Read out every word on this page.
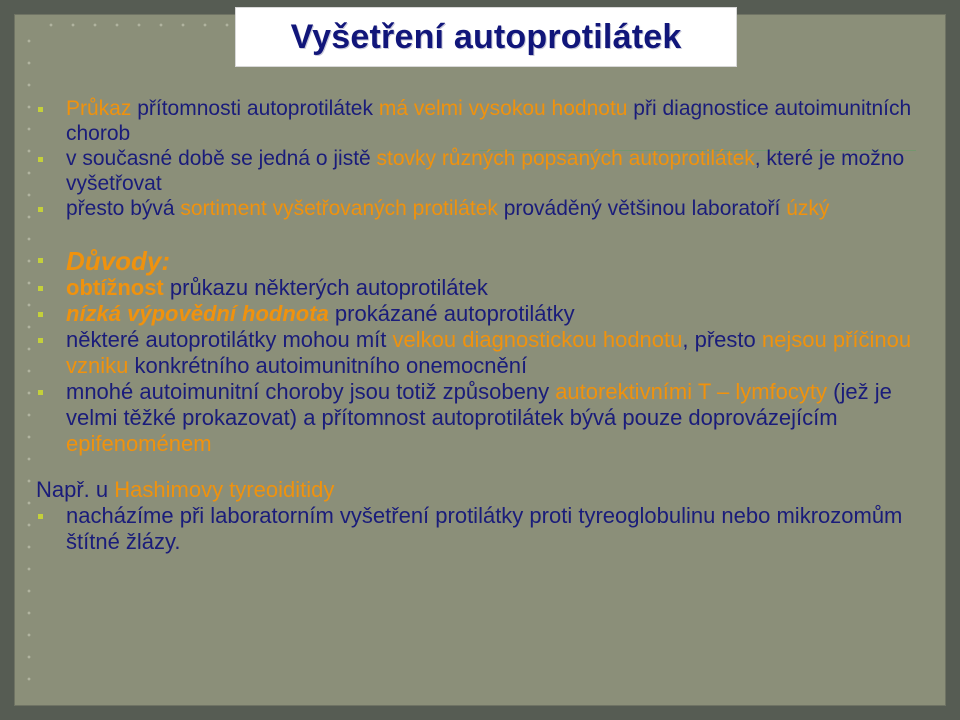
Vyšetření autoprotilátek
Průkaz přítomnosti autoprotilátek má velmi vysokou hodnotu při diagnostice autoimunitních chorob
v současné době se jedná o jistě stovky různých popsaných autoprotilátek, které je možno vyšetřovat
přesto bývá sortiment vyšetřovaných protilátek prováděný většinou laboratoří úzký
Důvody:
obtížnost průkazu některých autoprotilátek
nízká výpovědní hodnota prokázané autoprotilátky
některé autoprotilátky mohou mít velkou diagnostickou hodnotu, přesto nejsou příčinou vzniku konkrétního autoimunitního onemocnění
mnohé autoimunitní choroby jsou totiž způsobeny autorektivními T – lymfocyty (jež je velmi těžké prokazovat) a přítomnost autoprotilátek bývá pouze doprovázejícím epifenoménem
Např. u Hashimovy tyreoiditidy
nacházíme při laboratorním vyšetření protilátky proti tyreoglobulinu nebo mikrozomům štítné žlázy.
